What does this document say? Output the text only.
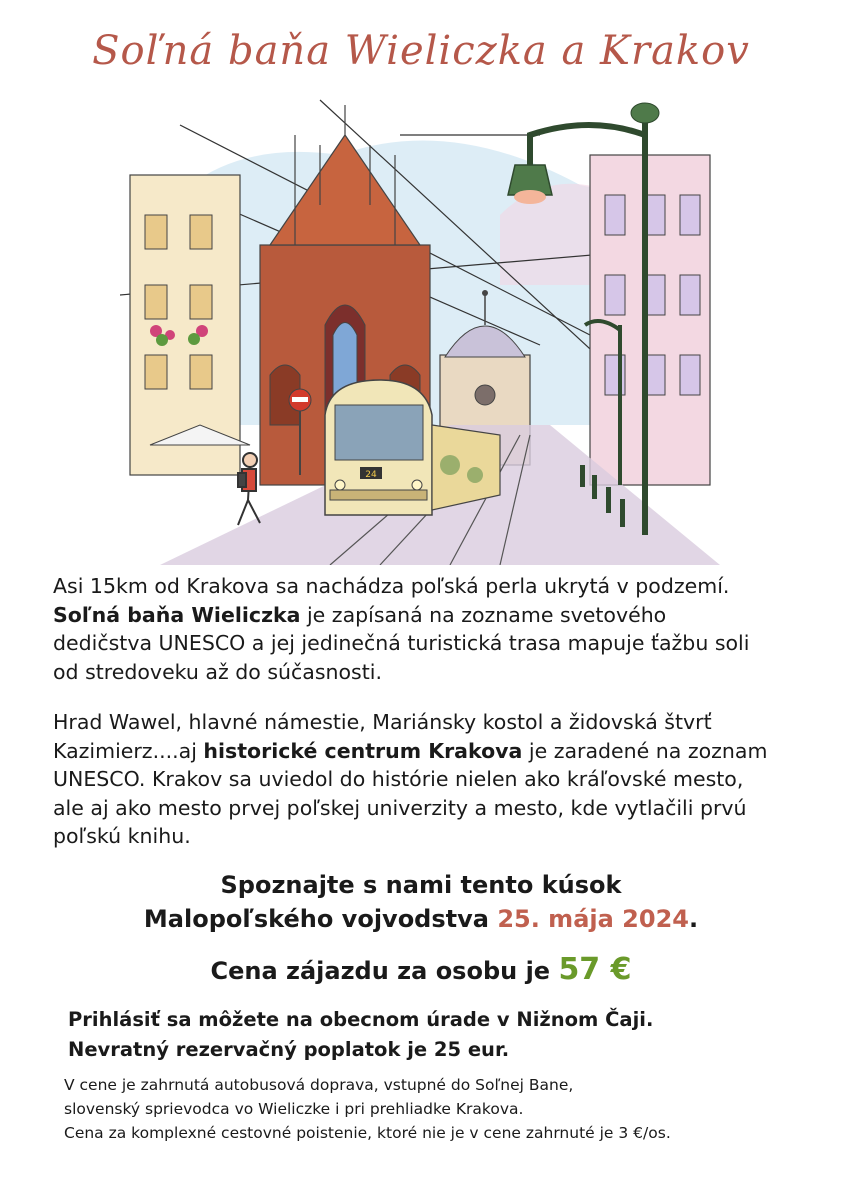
Soľná baňa Wieliczka a Krakov
24

Asi 15km od Krakova sa nachádza poľská perla ukrytá v podzemí.
Soľná baňa Wieliczka je zapísaná na zozname svetového
dedičstva UNESCO a jej jedinečná turistická trasa mapuje ťažbu soli
od stredoveku až do súčasnosti.

Hrad Wawel, hlavné námestie, Mariánsky kostol a židovská štvrť
Kazimierz....aj historické centrum Krakova je zaradené na zoznam
UNESCO. Krakov sa uviedol do histórie nielen ako kráľovské mesto,
ale aj ako mesto prvej poľskej univerzity a mesto, kde vytlačili prvú
poľskú knihu.

Spoznajte s nami tento kúsok

Malopoľského vojvodstva 25. mája 2024.

Cena zájazdu za osobu je 57 €

Prihlásiť sa môžete na obecnom úrade v Nižnom Čaji.

Nevratný rezervačný poplatok je 25 eur.

V cene je zahrnutá autobusová doprava, vstupné do Soľnej Bane,

slovenský sprievodca vo Wieliczke i pri prehliadke Krakova.

Cena za komplexné cestovné poistenie, ktoré nie je v cene zahrnuté je 3 €/os.
